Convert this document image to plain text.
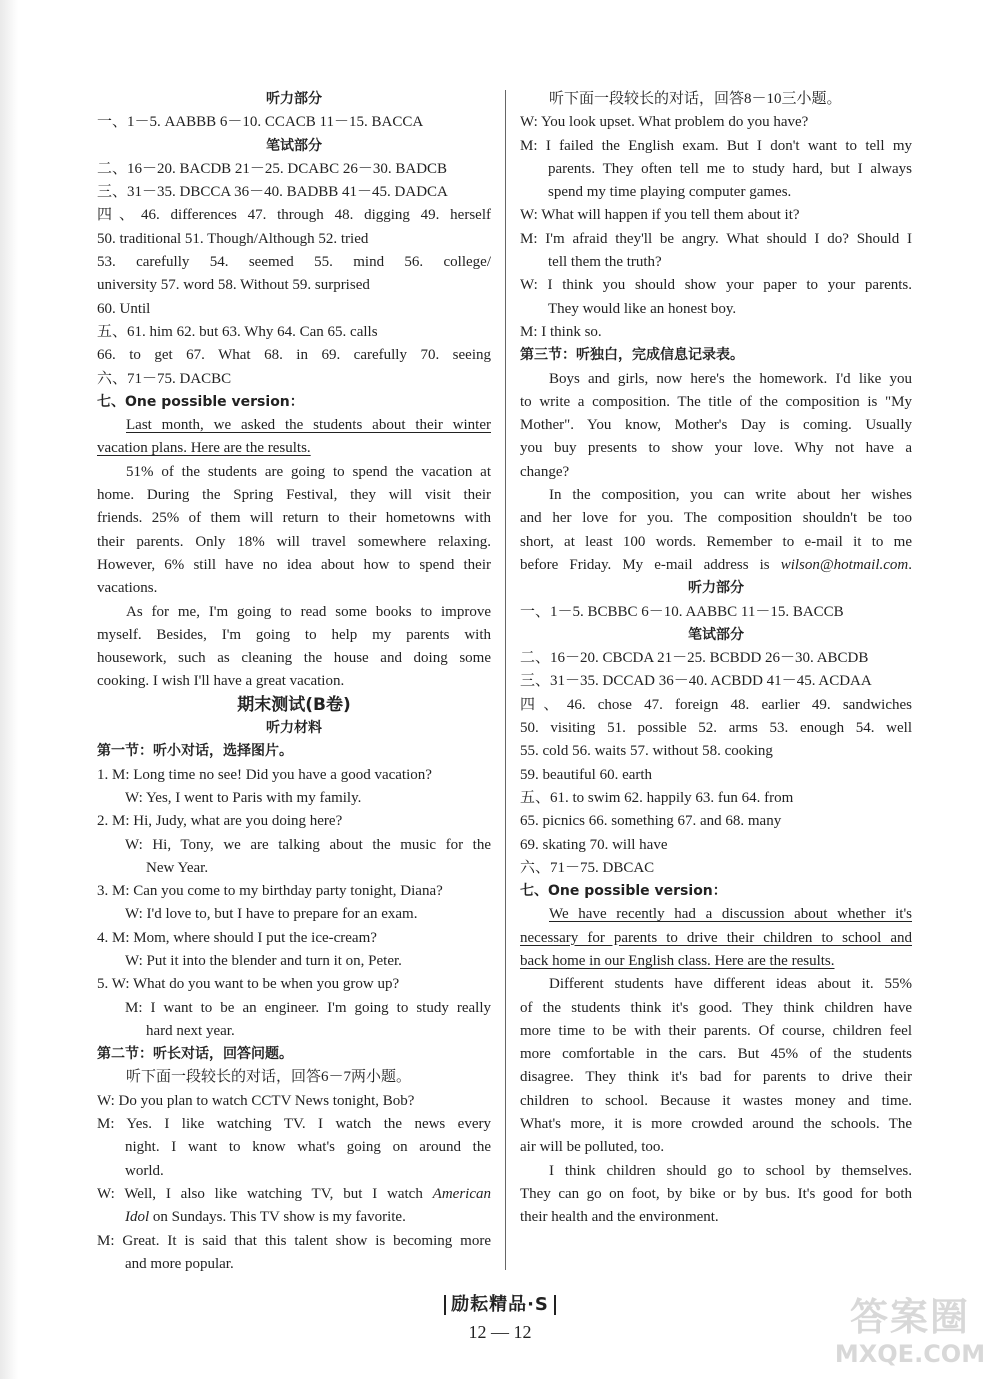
听力部分
一、1－5. AABBB 6－10. CCACB 11－15. BACCA
笔试部分
二、16－20. BACDB 21－25. DCABC 26－30. BADCB
三、31－35. DBCCA 36－40. BADBB 41－45. DADCA
四、46. differences 47. through 48. digging 49. herself
50. traditional 51. Though/Although 52. tried
53. carefully 54. seemed 55. mind 56. college/
university 57. word 58. Without 59. surprised
60. Until
五、61. him 62. but 63. Why 64. Can 65. calls
66. to get 67. What 68. in 69. carefully 70. seeing
六、71－75. DACBC
七、One possible version：
Last month, we asked the students about their winter
vacation plans. Here are the results.
51% of the students are going to spend the vacation at
home. During the Spring Festival, they will visit their
friends. 25% of them will return to their hometowns with
their parents. Only 18% will travel somewhere relaxing.
However, 6% still have no idea about how to spend their
vacations.
As for me, I'm going to read some books to improve
myself. Besides, I'm going to help my parents with
housework, such as cleaning the house and doing some
cooking. I wish I'll have a great vacation.
期末测试(B卷)
听力材料
第一节：听小对话，选择图片。
1. M: Long time no see! Did you have a good vacation?
W: Yes, I went to Paris with my family.
2. M: Hi, Judy, what are you doing here?
W: Hi, Tony, we are talking about the music for the
New Year.
3. M: Can you come to my birthday party tonight, Diana?
W: I'd love to, but I have to prepare for an exam.
4. M: Mom, where should I put the ice-cream?
W: Put it into the blender and turn it on, Peter.
5. W: What do you want to be when you grow up?
M: I want to be an engineer. I'm going to study really
hard next year.
第二节：听长对话，回答问题。
听下面一段较长的对话，回答6－7两小题。
W: Do you plan to watch CCTV News tonight, Bob?
M: Yes. I like watching TV. I watch the news every
night. I want to know what's going on around the
world.
W: Well, I also like watching TV, but I watch American
Idol on Sundays. This TV show is my favorite.
M: Great. It is said that this talent show is becoming more
and more popular.
听下面一段较长的对话，回答8－10三小题。
W: You look upset. What problem do you have?
M: I failed the English exam. But I don't want to tell my
parents. They often tell me to study hard, but I always
spend my time playing computer games.
W: What will happen if you tell them about it?
M: I'm afraid they'll be angry. What should I do? Should I
tell them the truth?
W: I think you should show your paper to your parents.
They would like an honest boy.
M: I think so.
第三节：听独白，完成信息记录表。
Boys and girls, now here's the homework. I'd like you
to write a composition. The title of the composition is "My
Mother". You know, Mother's Day is coming. Usually
you buy presents to show your love. Why not have a
change?
In the composition, you can write about her wishes
and her love for you. The composition shouldn't be too
short, at least 100 words. Remember to e-mail it to me
before Friday. My e-mail address is wilson@hotmail.com.
听力部分
一、1－5. BCBBC 6－10. AABBC 11－15. BACCB
笔试部分
二、16－20. CBCDA 21－25. BCBDD 26－30. ABCDB
三、31－35. DCCAD 36－40. ACBDD 41－45. ACDAA
四、46. chose 47. foreign 48. earlier 49. sandwiches
50. visiting 51. possible 52. arms 53. enough 54. well
55. cold 56. waits 57. without 58. cooking
59. beautiful 60. earth
五、61. to swim 62. happily 63. fun 64. from
65. picnics 66. something 67. and 68. many
69. skating 70. will have
六、71－75. DBCAC
七、One possible version：
We have recently had a discussion about whether it's
necessary for parents to drive their children to school and
back home in our English class. Here are the results.
Different students have different ideas about it. 55%
of the students think it's good. They think children have
more time to be with their parents. Of course, children feel
more comfortable in the cars. But 45% of the students
disagree. They think it's bad for parents to drive their
children to school. Because it wastes money and time.
What's more, it is more crowded around the schools. The
air will be polluted, too.
I think children should go to school by themselves.
They can go on foot, by bike or by bus. It's good for both
their health and the environment.
励耘精品·S
12 — 12	答案圈
MXQE.COM
